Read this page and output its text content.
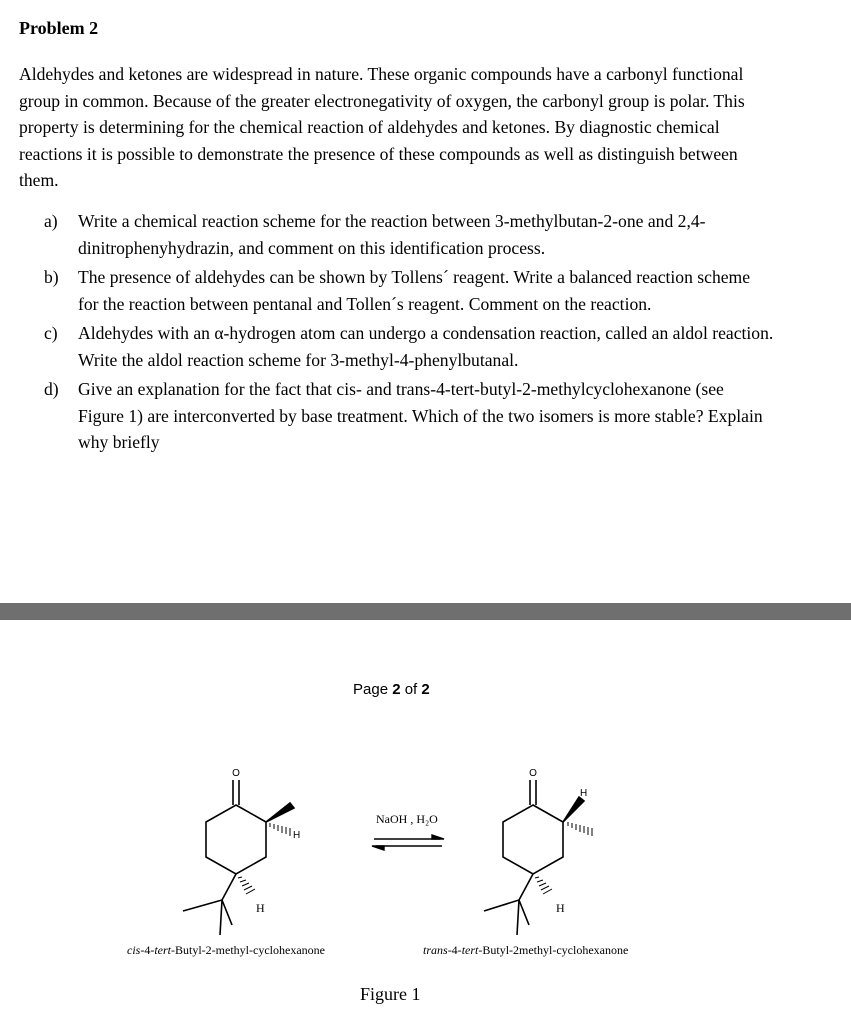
Problem 2
Aldehydes and ketones are widespread in nature. These organic compounds have a carbonyl functional group in common. Because of the greater electronegativity of oxygen, the carbonyl group is polar. This property is determining for the chemical reaction of aldehydes and ketones. By diagnostic chemical reactions it is possible to demonstrate the presence of these compounds as well as distinguish between them.
a) Write a chemical reaction scheme for the reaction between 3-methylbutan-2-one and 2,4-dinitrophenyhydrazin, and comment on this identification process.
b) The presence of aldehydes can be shown by Tollens´ reagent. Write a balanced reaction scheme for the reaction between pentanal and Tollen´s reagent. Comment on the reaction.
c) Aldehydes with an α-hydrogen atom can undergo a condensation reaction, called an aldol reaction. Write the aldol reaction scheme for 3-methyl-4-phenylbutanal.
d) Give an explanation for the fact that cis- and trans-4-tert-butyl-2-methylcyclohexanone (see Figure 1) are interconverted by base treatment. Which of the two isomers is more stable? Explain why briefly
Page 2 of 2
O
H
H
NaOH , H₂O
O
H
H
cis-4-tert-Butyl-2-methyl-cyclohexanone	trans-4-tert-Butyl-2methyl-cyclohexanone
Figure 1
